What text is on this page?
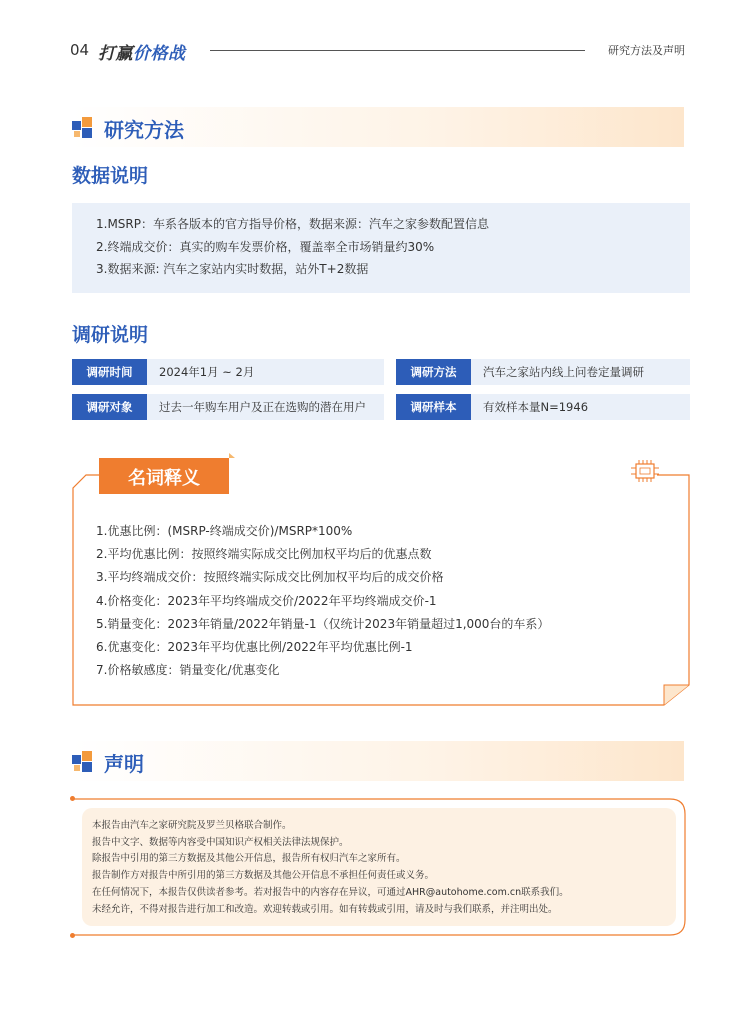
04 打赢价格战	研究方法及声明
研究方法
数据说明
1.MSRP：车系各版本的官方指导价格，数据来源：汽车之家参数配置信息
2.终端成交价：真实的购车发票价格，覆盖率全市场销量约30%
3.数据来源: 汽车之家站内实时数据，站外T+2数据
调研说明
调研时间	2024年1月 ~ 2月	调研方法	汽车之家站内线上问卷定量调研
调研对象	过去一年购车用户及正在选购的潜在用户	调研样本	有效样本量N=1946
名词释义
1.优惠比例：(MSRP-终端成交价)/MSRP*100%
2.平均优惠比例：按照终端实际成交比例加权平均后的优惠点数
3.平均终端成交价：按照终端实际成交比例加权平均后的成交价格
4.价格变化：2023年平均终端成交价/2022年平均终端成交价-1
5.销量变化：2023年销量/2022年销量-1（仅统计2023年销量超过1,000台的车系）
6.优惠变化：2023年平均优惠比例/2022年平均优惠比例-1
7.价格敏感度：销量变化/优惠变化
声明
本报告由汽车之家研究院及罗兰贝格联合制作。
报告中文字、数据等内容受中国知识产权相关法律法规保护。
除报告中引用的第三方数据及其他公开信息，报告所有权归汽车之家所有。
报告制作方对报告中所引用的第三方数据及其他公开信息不承担任何责任或义务。
在任何情况下，本报告仅供读者参考。若对报告中的内容存在异议，可通过AHR@autohome.com.cn联系我们。
未经允许，不得对报告进行加工和改造。欢迎转载或引用。如有转载或引用，请及时与我们联系，并注明出处。
